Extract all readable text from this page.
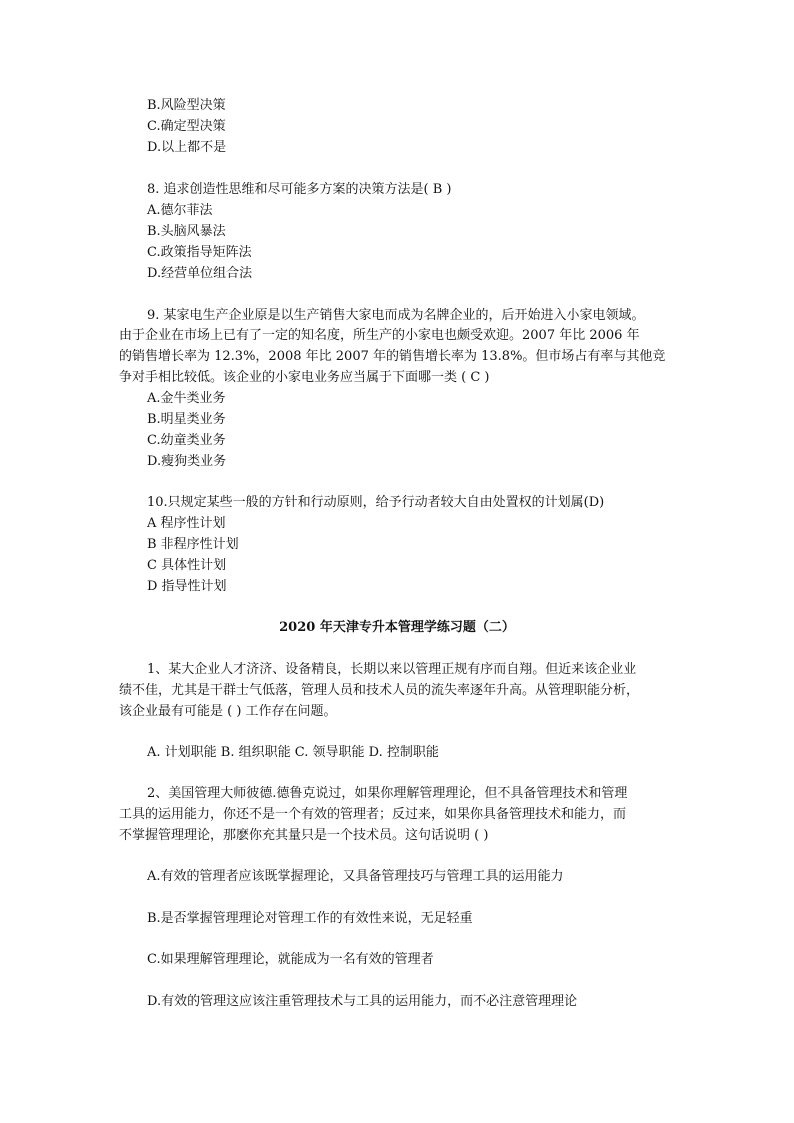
B.风险型决策
C.确定型决策
D.以上都不是
8. 追求创造性思维和尽可能多方案的决策方法是( B )
A.德尔菲法
B.头脑风暴法
C.政策指导矩阵法
D.经营单位组合法
9. 某家电生产企业原是以生产销售大家电而成为名牌企业的，后开始进入小家电领域。
由于企业在市场上已有了一定的知名度，所生产的小家电也颇受欢迎。2007 年比 2006 年
的销售增长率为 12.3%，2008 年比 2007 年的销售增长率为 13.8%。但市场占有率与其他竞
争对手相比较低。该企业的小家电业务应当属于下面哪一类 ( C )
A.金牛类业务
B.明星类业务
C.幼童类业务
D.瘦狗类业务
10.只规定某些一般的方针和行动原则，给予行动者较大自由处置权的计划属(D)
A 程序性计划
B 非程序性计划
C 具体性计划
D 指导性计划
2020 年天津专升本管理学练习题（二）
1、某大企业人才济济、设备精良，长期以来以管理正规有序而自翔。但近来该企业业
绩不佳，尤其是干群士气低落，管理人员和技术人员的流失率逐年升高。从管理职能分析，
该企业最有可能是 ( ) 工作存在问题。
A. 计划职能 B. 组织职能 C. 领导职能 D. 控制职能
2、美国管理大师彼德.德鲁克说过，如果你理解管理理论，但不具备管理技术和管理
工具的运用能力，你还不是一个有效的管理者；反过来，如果你具备管理技术和能力，而
不掌握管理理论，那麽你充其量只是一个技术员。这句话说明 ( )
A.有效的管理者应该既掌握理论，又具备管理技巧与管理工具的运用能力
B.是否掌握管理理论对管理工作的有效性来说，无足轻重
C.如果理解管理理论，就能成为一名有效的管理者
D.有效的管理这应该注重管理技术与工具的运用能力，而不必注意管理理论
